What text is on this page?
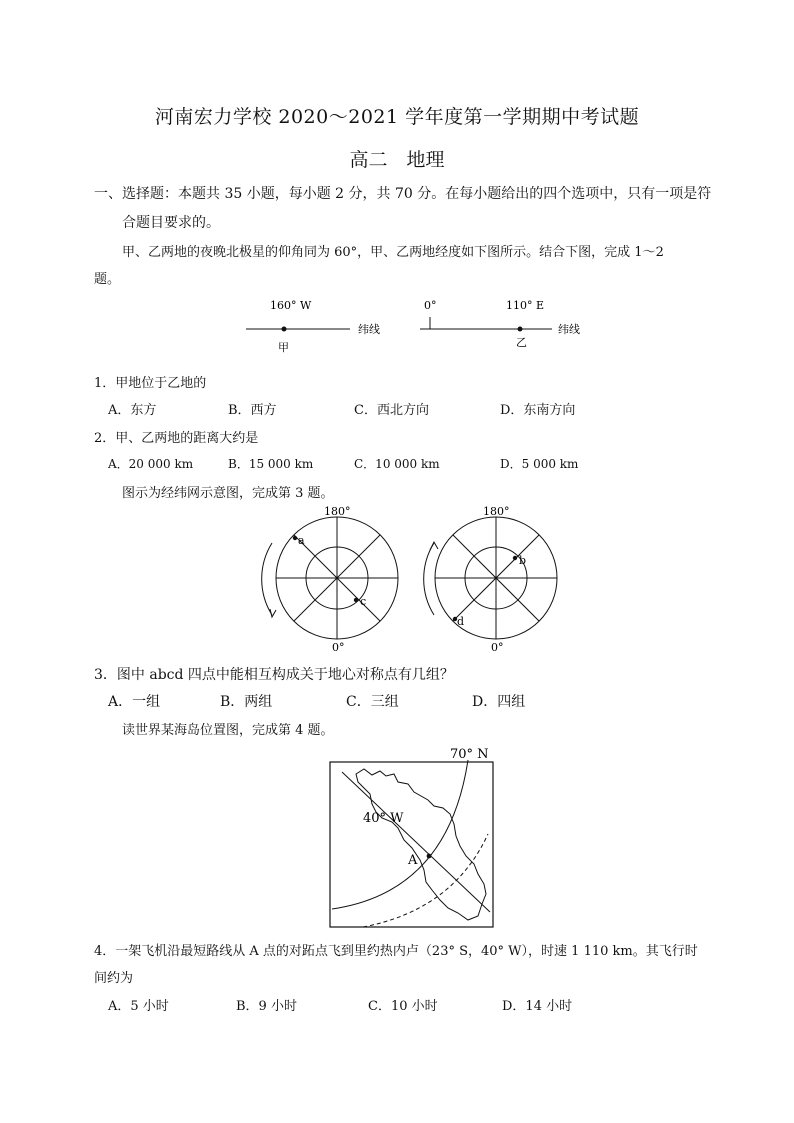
河南宏力学校 2020～2021 学年度第一学期期中考试题
高二　地理
一、选择题：本题共 35 小题，每小题 2 分，共 70 分。在每小题给出的四个选项中，只有一项是符
合题目要求的。
甲、乙两地的夜晚北极星的仰角同为 60°，甲、乙两地经度如下图所示。结合下图，完成 1～2
题。
160° W
甲
纬线
0°	110° E
乙
纬线
1．甲地位于乙地的
A．东方	B．西方	C．西北方向	D．东南方向
2．甲、乙两地的距离大约是
A．20 000 km	B．15 000 km	C．10 000 km	D．5 000 km
图示为经纬网示意图，完成第 3 题。
180°
0°
a
c
180°
0°
b
d
3．图中 abcd 四点中能相互构成关于地心对称点有几组？
A．一组	B．两组	C．三组	D．四组
读世界某海岛位置图，完成第 4 题。
70° N
40° W
A
4．一架飞机沿最短路线从 A 点的对跖点飞到里约热内卢（23° S，40° W），时速 1 110 km。其飞行时
间约为
A．5 小时	B．9 小时	C．10 小时	D．14 小时
